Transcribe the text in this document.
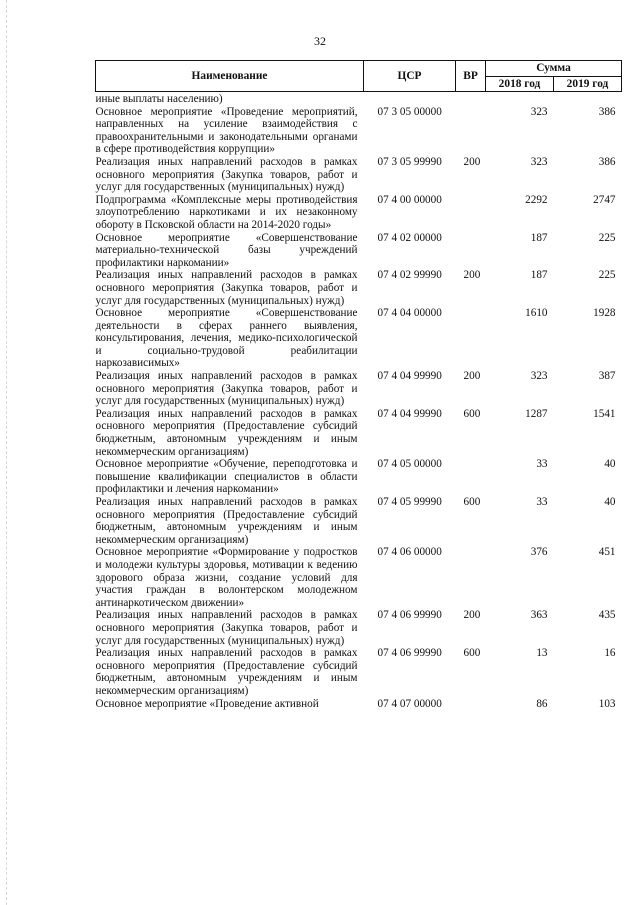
32
Наименование	ЦСР	ВР	Сумма	
			2018 год	2019 год
иные выплаты населению)				
Основное мероприятие «Проведение мероприятий, направленных на усиление взаимодействия с правоохранительными и законодательными органами в сфере противодействия коррупции»	07 3 05 00000		323	386
Реализация иных направлений расходов в рамках основного мероприятия (Закупка товаров, работ и услуг для государственных (муниципальных) нужд)	07 3 05 99990	200	323	386
Подпрограмма «Комплексные меры противодействия злоупотреблению наркотиками и их незаконному обороту в Псковской области на 2014-2020 годы»	07 4 00 00000		2292	2747
Основное мероприятие «Совершенствование материально-технической базы учреждений профилактики наркомании»	07 4 02 00000		187	225
Реализация иных направлений расходов в рамках основного мероприятия (Закупка товаров, работ и услуг для государственных (муниципальных) нужд)	07 4 02 99990	200	187	225
Основное мероприятие «Совершенствование деятельности в сферах раннего выявления, консультирования, лечения, медико-психологической и социально-трудовой реабилитации наркозависимых»	07 4 04 00000		1610	1928
Реализация иных направлений расходов в рамках основного мероприятия (Закупка товаров, работ и услуг для государственных (муниципальных) нужд)	07 4 04 99990	200	323	387
Реализация иных направлений расходов в рамках основного мероприятия (Предоставление субсидий бюджетным, автономным учреждениям и иным некоммерческим организациям)	07 4 04 99990	600	1287	1541
Основное мероприятие «Обучение, переподготовка и повышение квалификации специалистов в области профилактики и лечения наркомании»	07 4 05 00000		33	40
Реализация иных направлений расходов в рамках основного мероприятия (Предоставление субсидий бюджетным, автономным учреждениям и иным некоммерческим организациям)	07 4 05 99990	600	33	40
Основное мероприятие «Формирование у подростков и молодежи культуры здоровья, мотивации к ведению здорового образа жизни, создание условий для участия граждан в волонтерском молодежном антинаркотическом движении»	07 4 06 00000		376	451
Реализация иных направлений расходов в рамках основного мероприятия (Закупка товаров, работ и услуг для государственных (муниципальных) нужд)	07 4 06 99990	200	363	435
Реализация иных направлений расходов в рамках основного мероприятия (Предоставление субсидий бюджетным, автономным учреждениям и иным некоммерческим организациям)	07 4 06 99990	600	13	16
Основное мероприятие «Проведение активной	07 4 07 00000		86	103
